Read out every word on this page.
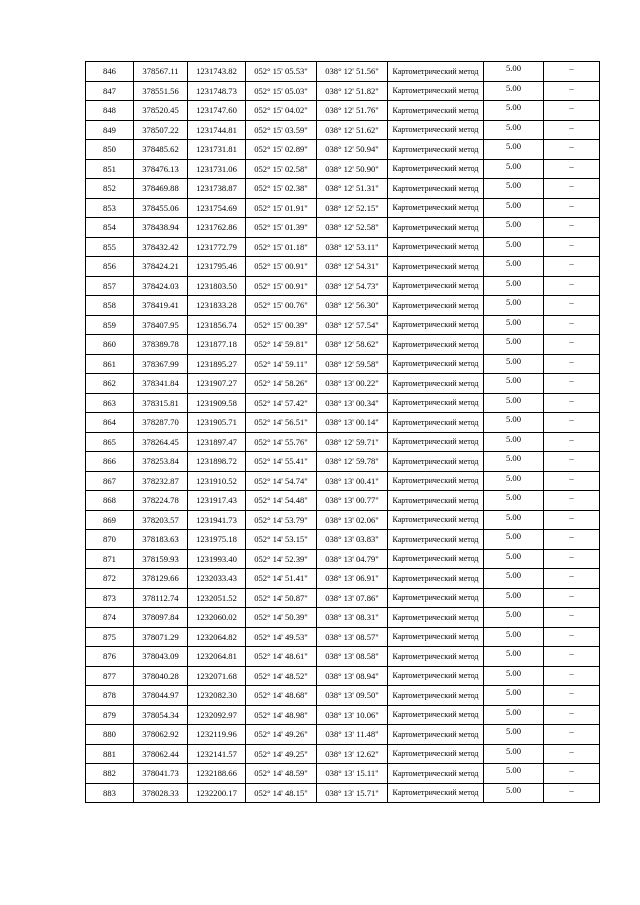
846	378567.11	1231743.82	052° 15' 05.53"	038° 12' 51.56"	Картометрический метод	5.00	–
847	378551.56	1231748.73	052° 15' 05.03"	038° 12' 51.82"	Картометрический метод	5.00	–
848	378520.45	1231747.60	052° 15' 04.02"	038° 12' 51.76"	Картометрический метод	5.00	–
849	378507.22	1231744.81	052° 15' 03.59"	038° 12' 51.62"	Картометрический метод	5.00	–
850	378485.62	1231731.81	052° 15' 02.89"	038° 12' 50.94"	Картометрический метод	5.00	–
851	378476.13	1231731.06	052° 15' 02.58"	038° 12' 50.90"	Картометрический метод	5.00	–
852	378469.88	1231738.87	052° 15' 02.38"	038° 12' 51.31"	Картометрический метод	5.00	–
853	378455.06	1231754.69	052° 15' 01.91"	038° 12' 52.15"	Картометрический метод	5.00	–
854	378438.94	1231762.86	052° 15' 01.39"	038° 12' 52.58"	Картометрический метод	5.00	–
855	378432.42	1231772.79	052° 15' 01.18"	038° 12' 53.11"	Картометрический метод	5.00	–
856	378424.21	1231795.46	052° 15' 00.91"	038° 12' 54.31"	Картометрический метод	5.00	–
857	378424.03	1231803.50	052° 15' 00.91"	038° 12' 54.73"	Картометрический метод	5.00	–
858	378419.41	1231833.28	052° 15' 00.76"	038° 12' 56.30"	Картометрический метод	5.00	–
859	378407.95	1231856.74	052° 15' 00.39"	038° 12' 57.54"	Картометрический метод	5.00	–
860	378389.78	1231877.18	052° 14' 59.81"	038° 12' 58.62"	Картометрический метод	5.00	–
861	378367.99	1231895.27	052° 14' 59.11"	038° 12' 59.58"	Картометрический метод	5.00	–
862	378341.84	1231907.27	052° 14' 58.26"	038° 13' 00.22"	Картометрический метод	5.00	–
863	378315.81	1231909.58	052° 14' 57.42"	038° 13' 00.34"	Картометрический метод	5.00	–
864	378287.70	1231905.71	052° 14' 56.51"	038° 13' 00.14"	Картометрический метод	5.00	–
865	378264.45	1231897.47	052° 14' 55.76"	038° 12' 59.71"	Картометрический метод	5.00	–
866	378253.84	1231898.72	052° 14' 55.41"	038° 12' 59.78"	Картометрический метод	5.00	–
867	378232.87	1231910.52	052° 14' 54.74"	038° 13' 00.41"	Картометрический метод	5.00	–
868	378224.78	1231917.43	052° 14' 54.48"	038° 13' 00.77"	Картометрический метод	5.00	–
869	378203.57	1231941.73	052° 14' 53.79"	038° 13' 02.06"	Картометрический метод	5.00	–
870	378183.63	1231975.18	052° 14' 53.15"	038° 13' 03.83"	Картометрический метод	5.00	–
871	378159.93	1231993.40	052° 14' 52.39"	038° 13' 04.79"	Картометрический метод	5.00	–
872	378129.66	1232033.43	052° 14' 51.41"	038° 13' 06.91"	Картометрический метод	5.00	–
873	378112.74	1232051.52	052° 14' 50.87"	038° 13' 07.86"	Картометрический метод	5.00	–
874	378097.84	1232060.02	052° 14' 50.39"	038° 13' 08.31"	Картометрический метод	5.00	–
875	378071.29	1232064.82	052° 14' 49.53"	038° 13' 08.57"	Картометрический метод	5.00	–
876	378043.09	1232064.81	052° 14' 48.61"	038° 13' 08.58"	Картометрический метод	5.00	–
877	378040.28	1232071.68	052° 14' 48.52"	038° 13' 08.94"	Картометрический метод	5.00	–
878	378044.97	1232082.30	052° 14' 48.68"	038° 13' 09.50"	Картометрический метод	5.00	–
879	378054.34	1232092.97	052° 14' 48.98"	038° 13' 10.06"	Картометрический метод	5.00	–
880	378062.92	1232119.96	052° 14' 49.26"	038° 13' 11.48"	Картометрический метод	5.00	–
881	378062.44	1232141.57	052° 14' 49.25"	038° 13' 12.62"	Картометрический метод	5.00	–
882	378041.73	1232188.66	052° 14' 48.59"	038° 13' 15.11"	Картометрический метод	5.00	–
883	378028.33	1232200.17	052° 14' 48.15"	038° 13' 15.71"	Картометрический метод	5.00	–
